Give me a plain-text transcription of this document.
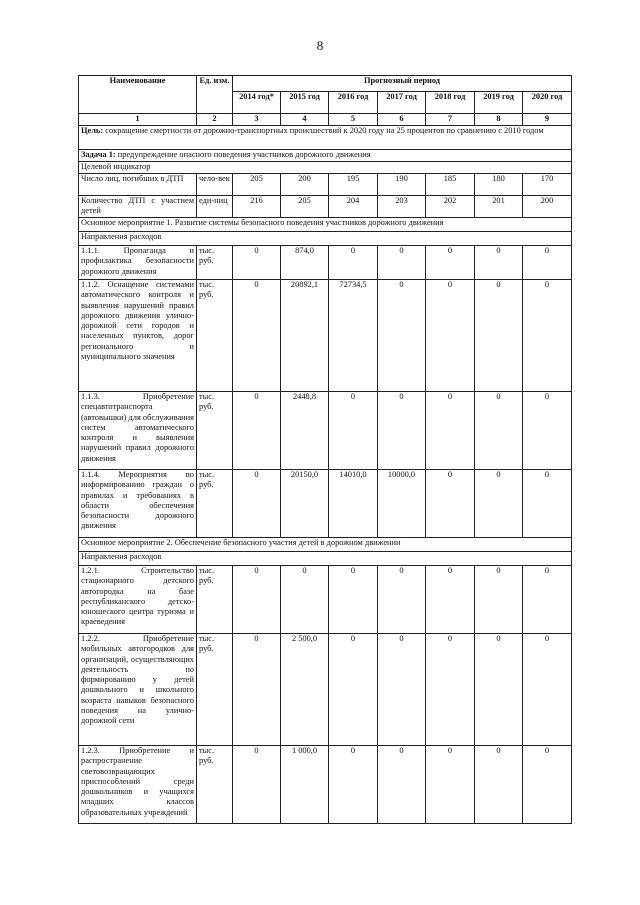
8
Наименование	Ед. изм.	Прогнозный период						
		2014 год*	2015 год	2016 год	2017 год	2018 год	2019 год	2020 год
1	2	3	4	5	6	7	8	9
Цель: сокращение смертности от дорожно-транспортных происшествий к 2020 году на 25 процентов по сравнению с 2010 годом								
Задача 1: предупреждение опасного поведения участников дорожного движения								
Целевой индикатор								
Число лиц, погибших в ДТП	чело-век	205	200	195	190	185	180	170
Количество ДТП с участием детей	еди-ниц	216	205	204	203	202	201	200
Основное мероприятие 1. Развитие системы безопасного поведения участников дорожного движения								
Направления расходов								
1.1.1. Пропаганда и профилактика безопасности дорожного движения	тыс. руб.	0	874,0	0	0	0	0	0
1.1.2. Оснащение системами автоматического контроля и выявления нарушений правил дорожного движения улично-дорожной сети городов и населенных пунктов, дорог регионального и муниципального значения	тыс. руб.	0	20892,1	72734,5	0	0	0	0
1.1.3. Приобретение спецавтотранспорта (автовышки) для обслуживания систем автоматического контроля и выявления нарушений правил дорожного движения	тыс. руб.	0	2448,8	0	0	0	0	0
1.1.4. Мероприятия по информированию граждан о правилах и требованиях в области обеспечения безопасности дорожного движения	тыс. руб.	0	20150,0	14010,0	10000,0	0	0	0
Основное мероприятие 2. Обеспечение безопасного участия детей в дорожном движении								
Направления расходов								
1.2.1. Строительство стационарного детского автогородка на базе республиканского детско-юношеского центра туризма и краеведения	тыс. руб.	0	0	0	0	0	0	0
1.2.2. Приобретение мобильных автогородков для организаций, осуществляющих деятельность по формированию у детей дошкольного и школьного возраста навыков безопасного поведения на улично-дорожной сети	тыс. руб.	0	2 500,0	0	0	0	0	0
1.2.3. Приобретение и распространение световозвращающих приспособлений среди дошкольников и учащихся младших классов образовательных учреждений	тыс. руб.	0	1 000,0	0	0	0	0	0
